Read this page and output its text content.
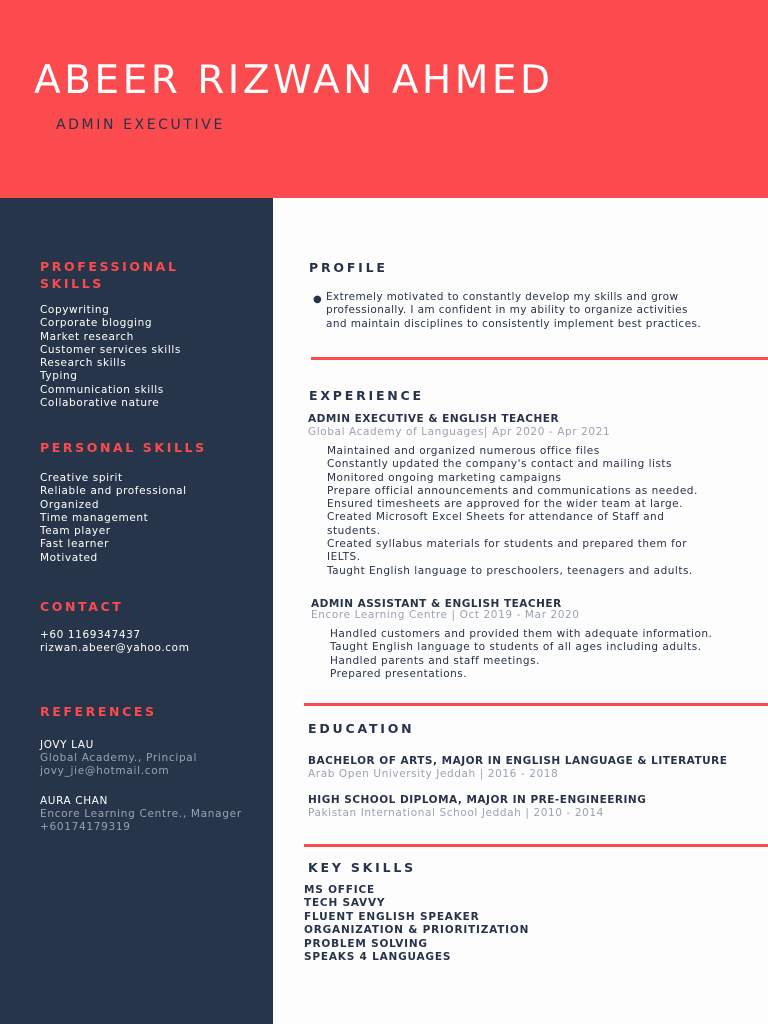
ABEER RIZWAN AHMED
ADMIN EXECUTIVE
PROFESSIONAL
SKILLS
Copywriting
Corporate blogging
Market research
Customer services skills
Research skills
Typing
Communication skills
Collaborative nature
PERSONAL SKILLS
Creative spirit
Reliable and professional
Organized
Time management
Team player
Fast learner
Motivated
CONTACT
+60 1169347437
rizwan.abeer@yahoo.com
REFERENCES
JOVY LAU
Global Academy., Principal
jovy_jie@hotmail.com
AURA CHAN
Encore Learning Centre., Manager
+60174179319
PROFILE
● Extremely motivated to constantly develop my skills and grow
professionally. I am confident in my ability to organize activities
and maintain disciplines to consistently implement best practices.
EXPERIENCE
ADMIN EXECUTIVE & ENGLISH TEACHER
Global Academy of Languages| Apr 2020 - Apr 2021
Maintained and organized numerous office files
Constantly updated the company's contact and mailing lists
Monitored ongoing marketing campaigns
Prepare official announcements and communications as needed.
Ensured timesheets are approved for the wider team at large.
Created Microsoft Excel Sheets for attendance of Staff and
students.
Created syllabus materials for students and prepared them for
IELTS.
Taught English language to preschoolers, teenagers and adults.
ADMIN ASSISTANT & ENGLISH TEACHER
Encore Learning Centre | Oct 2019 - Mar 2020
Handled customers and provided them with adequate information.
Taught English language to students of all ages including adults.
Handled parents and staff meetings.
Prepared presentations.
EDUCATION
BACHELOR OF ARTS, MAJOR IN ENGLISH LANGUAGE & LITERATURE
Arab Open University Jeddah | 2016 - 2018
HIGH SCHOOL DIPLOMA, MAJOR IN PRE-ENGINEERING
Pakistan International School Jeddah | 2010 - 2014
KEY SKILLS
MS OFFICE
TECH SAVVY
FLUENT ENGLISH SPEAKER
ORGANIZATION & PRIORITIZATION
PROBLEM SOLVING
SPEAKS 4 LANGUAGES
